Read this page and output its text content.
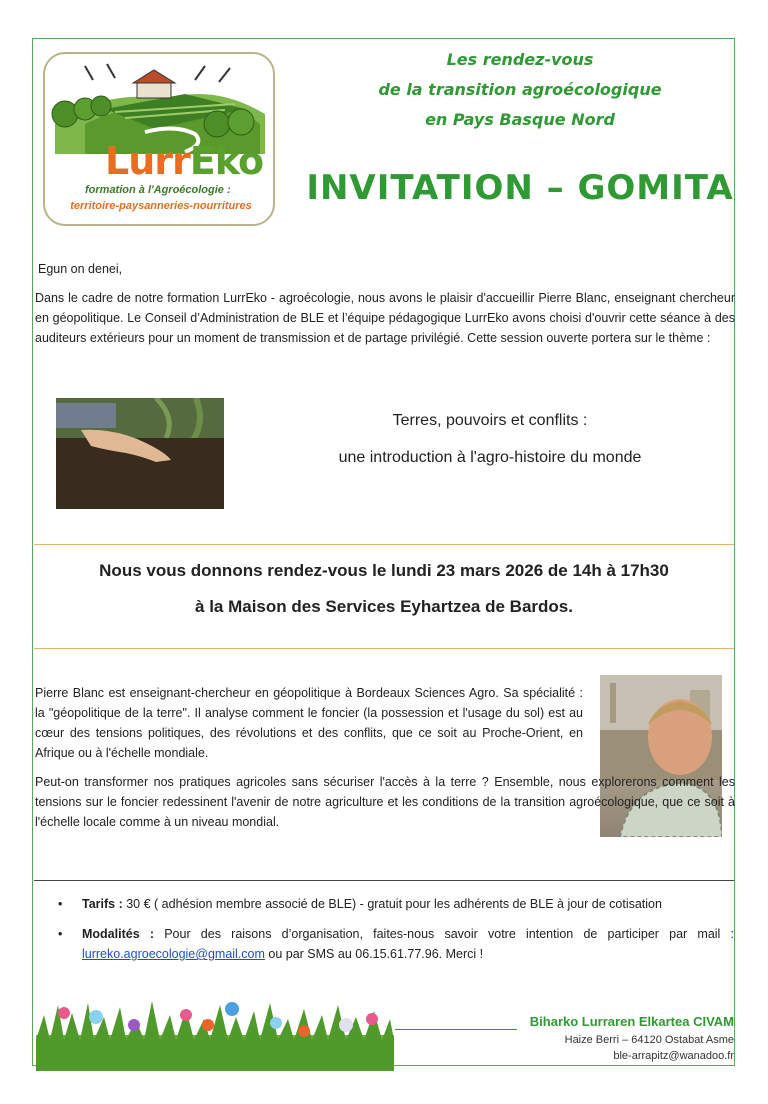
LurrEko
formation à l'Agroécologie :
territoire-paysanneries-nourritures
Les rendez-vous
de la transition agroécologique
en Pays Basque Nord
INVITATION – GOMITA
Egun on denei,

Dans le cadre de notre formation LurrEko - agroécologie, nous avons le plaisir d'accueillir Pierre Blanc, enseignant chercheur en géopolitique. Le Conseil d’Administration de BLE et l’équipe pédagogique LurrEko avons choisi d'ouvrir cette séance à des auditeurs extérieurs pour un moment de transmission et de partage privilégié. Cette session ouverte portera sur le thème :

Terres, pouvoirs et conflits :
une introduction à l'agro-histoire du monde
Nous vous donnons rendez-vous le lundi 23 mars 2026 de 14h à 17h30
à la Maison des Services Eyhartzea de Bardos.

Pierre Blanc est enseignant-chercheur en géopolitique à Bordeaux Sciences Agro. Sa spécialité : la "géopolitique de la terre". Il analyse comment le foncier (la possession et l'usage du sol) est au cœur des tensions politiques, des révolutions et des conflits, que ce soit au Proche-Orient, en Afrique ou à l'échelle mondiale.

Peut-on transformer nos pratiques agricoles sans sécuriser l'accès à la terre ? Ensemble, nous explorerons comment les tensions sur le foncier redessinent l'avenir de notre agriculture et les conditions de la transition agroécologique, que ce soit à l'échelle locale comme à un niveau mondial.

• Tarifs : 30 € ( adhésion membre associé de BLE) - gratuit pour les adhérents de BLE à jour de cotisation
• Modalités : Pour des raisons d’organisation, faites-nous savoir votre intention de participer par mail : lurreko.agroecologie@gmail.com ou par SMS au 06.15.61.77.96. Merci !
Biharko Lurraren Elkartea CIVAM
Haize Berri – 64120 Ostabat Asme
ble-arrapitz@wanadoo.fr
